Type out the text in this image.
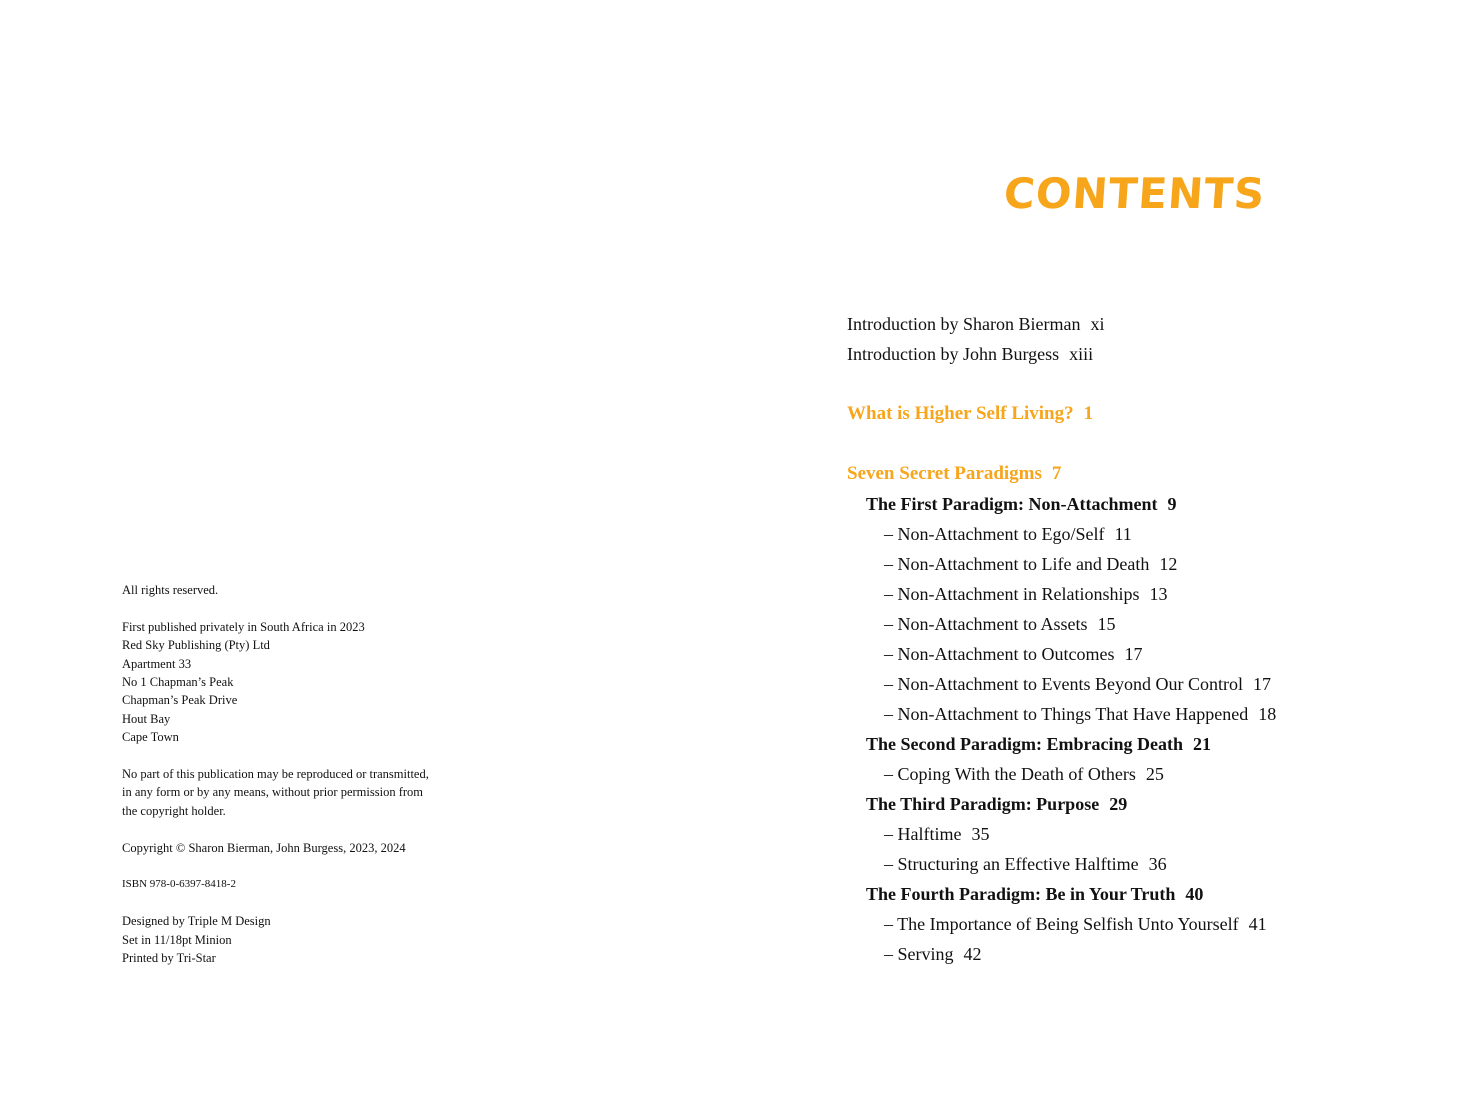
All rights reserved.

First published privately in South Africa in 2023
Red Sky Publishing (Pty) Ltd
Apartment 33
No 1 Chapman’s Peak
Chapman’s Peak Drive
Hout Bay
Cape Town

No part of this publication may be reproduced or transmitted,
in any form or by any means, without prior permission from
the copyright holder.

Copyright © Sharon Bierman, John Burgess, 2023, 2024

ISBN 978-0-6397-8418-2

Designed by Triple M Design
Set in 11/18pt Minion
Printed by Tri-Star

CONTENTS
Introduction by Sharon Bierman xi
Introduction by John Burgess xiii
What is Higher Self Living? 1
Seven Secret Paradigms 7
The First Paradigm: Non-Attachment 9
– Non-Attachment to Ego/Self 11
– Non-Attachment to Life and Death 12
– Non-Attachment in Relationships 13
– Non-Attachment to Assets 15
– Non-Attachment to Outcomes 17
– Non-Attachment to Events Beyond Our Control 17
– Non-Attachment to Things That Have Happened 18
The Second Paradigm: Embracing Death 21
– Coping With the Death of Others 25
The Third Paradigm: Purpose 29
– Halftime 35
– Structuring an Effective Halftime 36
The Fourth Paradigm: Be in Your Truth 40
– The Importance of Being Selfish Unto Yourself 41
– Serving 42
